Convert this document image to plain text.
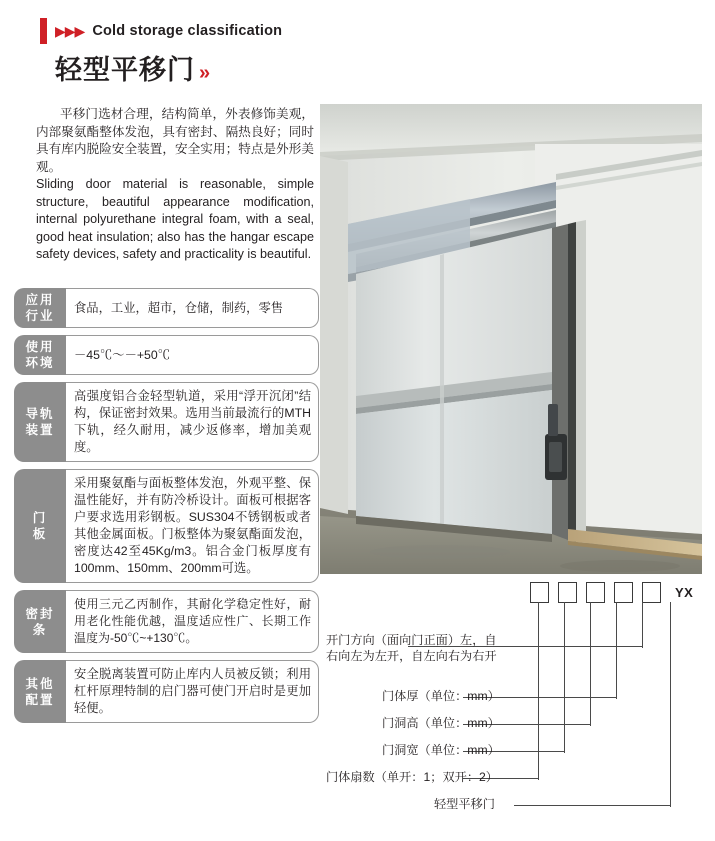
▶▶▶ Cold storage classification
轻型平移门 »
平移门选材合理，结构简单，外表修饰美观，内部聚氨酯整体发泡，具有密封、隔热良好；同时具有库内脱险安全装置，安全实用；特点是外形美观。
Sliding door material is reasonable, simple structure, beautiful appearance modification, internal polyurethane integral foam, with a seal, good heat insulation; also has the hangar escape safety devices, safety and practicality is beautiful.
应用
行业
食品，工业，超市，仓储，制药，零售
使用
环境
－45℃～－+50℃
导轨
装置
高强度铝合金轻型轨道，采用“浮开沉闭”结构，保证密封效果。选用当前最流行的MTH下轨，经久耐用，减少返修率，增加美观度。
门
板
采用聚氨酯与面板整体发泡，外观平整、保温性能好，并有防冷桥设计。面板可根据客户要求选用彩钢板。SUS304不锈钢板或者其他金属面板。门板整体为聚氨酯面发泡，密度达42至45Kg/m3。铝合金门板厚度有100mm、150mm、200mm可选。
密封
条
使用三元乙丙制作，其耐化学稳定性好，耐用老化性能优越，温度适应性广、长期工作温度为-50℃~+130℃。
其他
配置
安全脱离装置可防止库内人员被反锁；利用杠杆原理特制的启门器可使门开启时是更加轻便。
YX
开门方向（面向门正面）左，自
右向左为左开，自左向右为右开
门体厚（单位：mm）
门洞高（单位：mm）
门洞宽（单位：mm）
门体扇数（单开：1；双开：2）
轻型平移门
